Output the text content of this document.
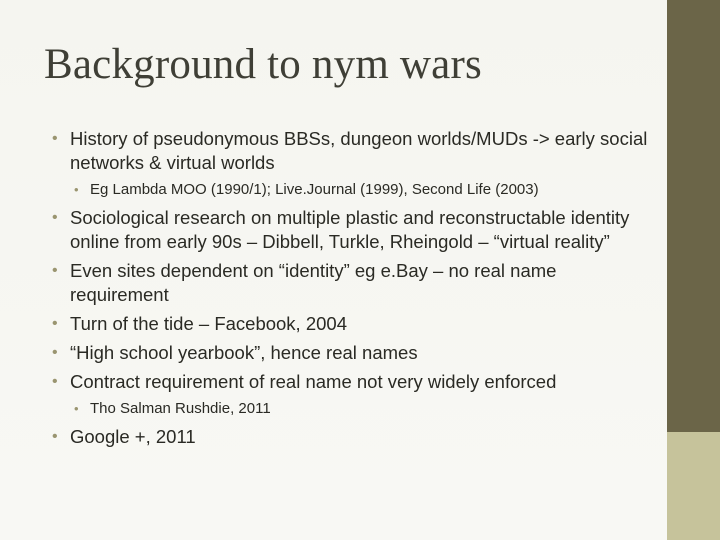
Background to nym wars
• History of pseudonymous BBSs, dungeon worlds/MUDs -> early social networks & virtual worlds
• Eg Lambda MOO (1990/1); Live.Journal (1999), Second Life (2003)
• Sociological research on multiple plastic and reconstructable identity online from early 90s – Dibbell, Turkle, Rheingold – “virtual reality”
• Even sites dependent on “identity” eg e.Bay – no real name requirement
• Turn of the tide – Facebook, 2004
• “High school yearbook”, hence real names
• Contract requirement of real name not very widely enforced
• Tho Salman Rushdie, 2011
• Google +, 2011
